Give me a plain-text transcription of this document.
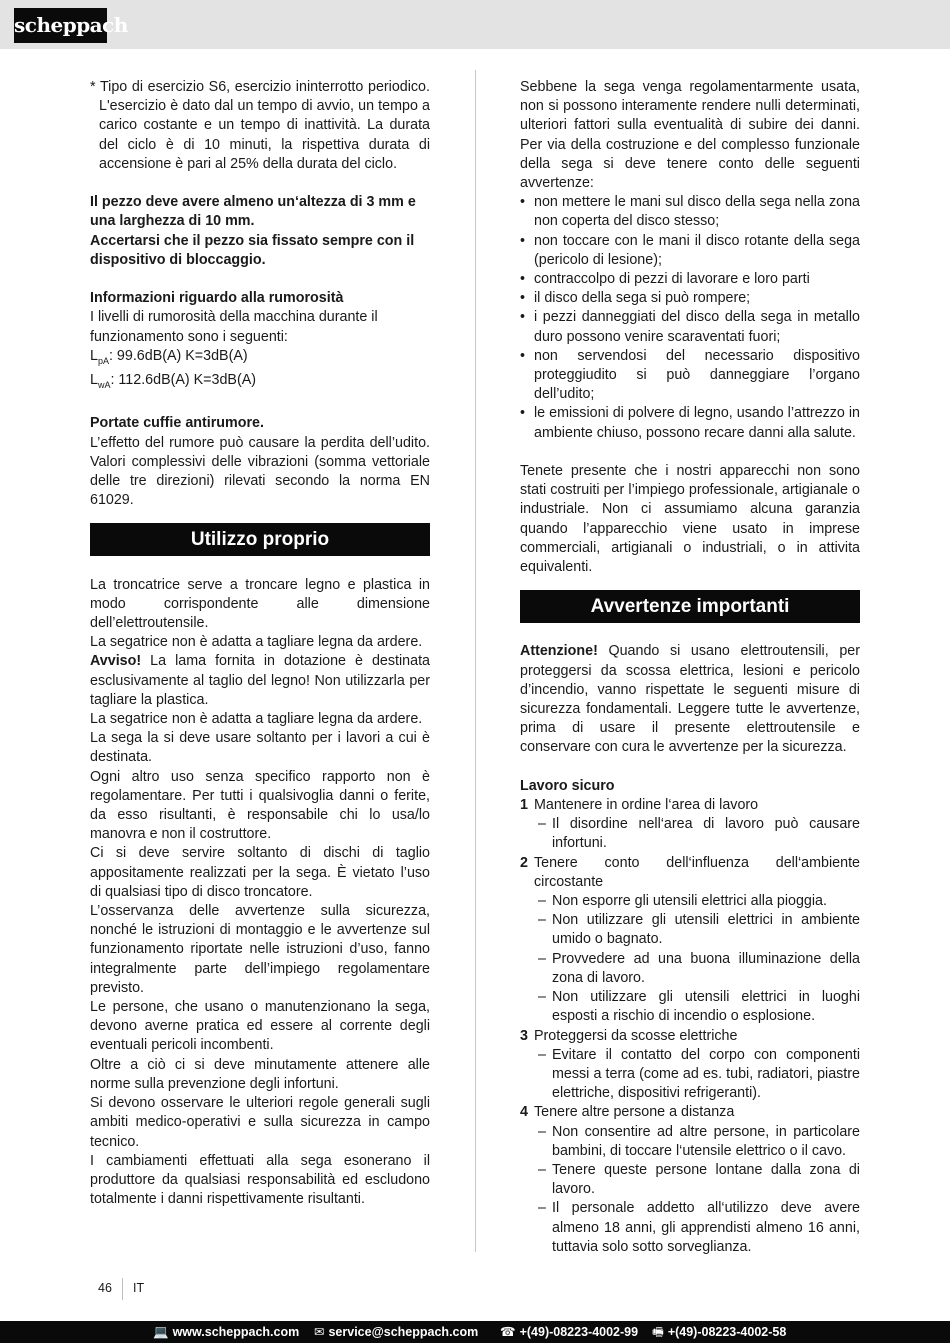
scheppach

* Tipo di esercizio S6, esercizio ininterrotto periodico. L'esercizio è dato dal un tempo di avvio, un tempo a carico costante e un tempo di inattività. La durata del ciclo è di 10 minuti, la rispettiva durata di accensione è pari al 25% della durata del ciclo.

Il pezzo deve avere almeno un‘altezza di 3 mm e una larghezza di 10 mm.

Accertarsi che il pezzo sia fissato sempre con il dispositivo di bloccaggio.

Informazioni riguardo alla rumorosità

I livelli di rumorosità della macchina durante il funzionamento sono i seguenti:

$L_{pA}$: 99.6dB(A) K=3dB(A)

$L_{wA}$: 112.6dB(A) K=3dB(A)

Portate cuffie antirumore.

L’effetto del rumore può causare la perdita dell’udito. Valori complessivi delle vibrazioni (somma vettoriale delle tre direzioni) rilevati secondo la norma EN 61029.

Utilizzo proprio

La troncatrice serve a troncare legno e plastica in modo corrispondente alle dimensione dell’elettroutensile.

La segatrice non è adatta a tagliare legna da ardere.

Avviso! La lama fornita in dotazione è destinata esclusivamente al taglio del legno! Non utilizzarla per tagliare la plastica.

La segatrice non è adatta a tagliare legna da ardere.

La sega la si deve usare soltanto per i lavori a cui è destinata.

Ogni altro uso senza specifico rapporto non è regolamentare. Per tutti i qualsivoglia danni o ferite, da esso risultanti, è responsabile chi lo usa/lo manovra e non il costruttore.

Ci si deve servire soltanto di dischi di taglio appositamente realizzati per la sega. È vietato l’uso di qualsiasi tipo di disco troncatore.

L’osservanza delle avvertenze sulla sicurezza, nonché le istruzioni di montaggio e le avvertenze sul funzionamento riportate nelle istruzioni d’uso, fanno integralmente parte dell’impiego regolamentare previsto.

Le persone, che usano o manutenzionano la sega, devono averne pratica ed essere al corrente degli eventuali pericoli incombenti.

Oltre a ciò ci si deve minutamente attenere alle norme sulla prevenzione degli infortuni.

Si devono osservare le ulteriori regole generali sugli ambiti medico-operativi e sulla sicurezza in campo tecnico.

I cambiamenti effettuati alla sega esonerano il produttore da qualsiasi responsabilità ed escludono totalmente i danni rispettivamente risultanti.

Sebbene la sega venga regolamentarmente usata, non si possono interamente rendere nulli determinati, ulteriori fattori sulla eventualità di subire dei danni. Per via della costruzione e del complesso funzionale della sega si deve tenere conto delle seguenti avvertenze:

• non mettere le mani sul disco della sega nella zona non coperta del disco stesso;
• non toccare con le mani il disco rotante della sega (pericolo di lesione);
• contraccolpo di pezzi di lavorare e loro parti
• il disco della sega si può rompere;
• i pezzi danneggiati del disco della sega in metallo duro possono venire scaraventati fuori;
• non servendosi del necessario dispositivo proteggiudito si può danneggiare l’organo dell’udito;
• le emissioni di polvere di legno, usando l’attrezzo in ambiente chiuso, possono recare danni alla salute.

Tenete presente che i nostri apparecchi non sono stati costruiti per l’impiego professionale, artigianale o industriale. Non ci assumiamo alcuna garanzia quando l’apparecchio viene usato in imprese commerciali, artigianali o industriali, o in attivita equivalenti.

Avvertenze importanti

Attenzione! Quando si usano elettroutensili, per proteggersi da scossa elettrica, lesioni e pericolo d’incendio, vanno rispettate le seguenti misure di sicurezza fondamentali. Leggere tutte le avvertenze, prima di usare il presente elettroutensile e conservare con cura le avvertenze per la sicurezza.

Lavoro sicuro

1 Mantenere in ordine l‘area di lavoro
– Il disordine nell‘area di lavoro può causare infortuni.
2 Tenere conto dell‘influenza dell‘ambiente circostante
– Non esporre gli utensili elettrici alla pioggia.
– Non utilizzare gli utensili elettrici in ambiente umido o bagnato.
– Provvedere ad una buona illuminazione della zona di lavoro.
– Non utilizzare gli utensili elettrici in luoghi esposti a rischio di incendio o esplosione.
3 Proteggersi da scosse elettriche
– Evitare il contatto del corpo con componenti messi a terra (come ad es. tubi, radiatori, piastre elettriche, dispositivi refrigeranti).
4 Tenere altre persone a distanza
– Non consentire ad altre persone, in particolare bambini, di toccare l‘utensile elettrico o il cavo.
– Tenere queste persone lontane dalla zona di lavoro.
– Il personale addetto all‘utilizzo deve avere almeno 18 anni, gli apprendisti almeno 16 anni, tuttavia solo sotto sorveglianza.
46 IT
💻 www.scheppach.com ✉ service@scheppach.com ☎ +(49)-08223-4002-99 🖷 +(49)-08223-4002-58
